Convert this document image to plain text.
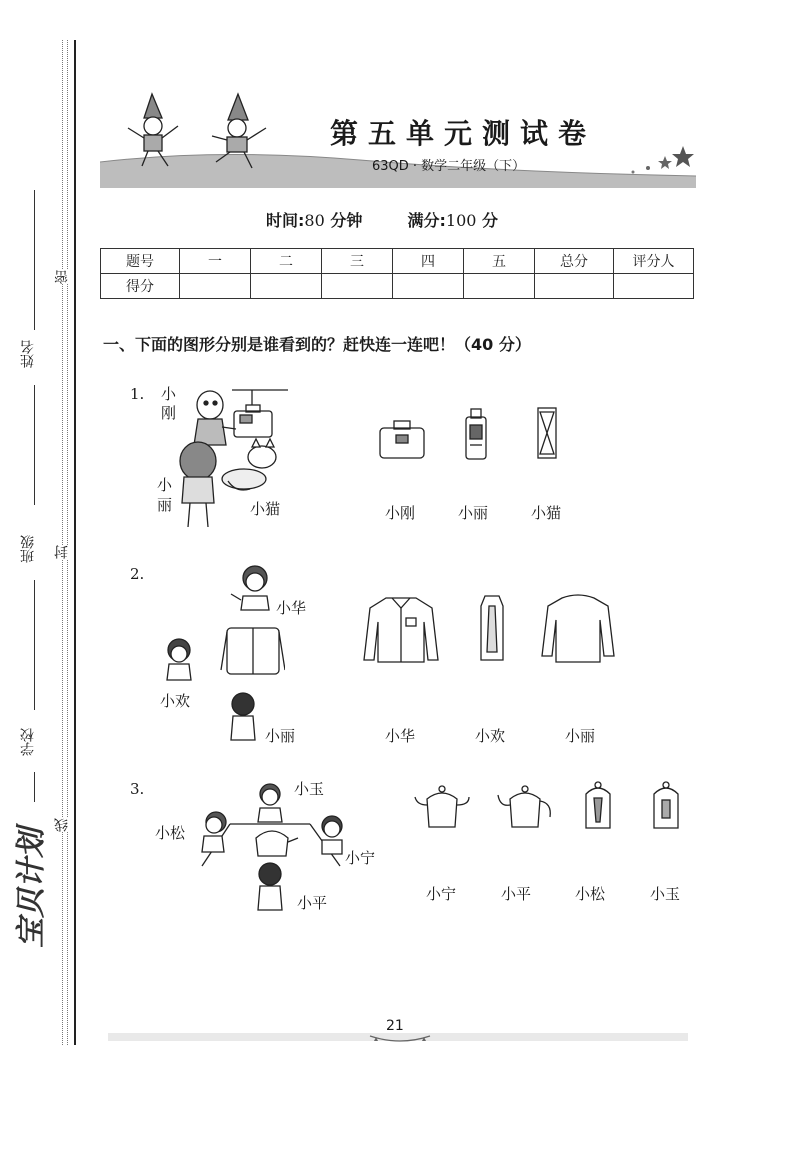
姓名
班级
学校
密
封
线
宝贝计划
第五单元测试卷
63QD · 数学二年级（下）
时间:80 分钟	满分:100 分
题号	一	二	三	四	五	总分	评分人
得分							
一、下面的图形分别是谁看到的？赶快连一连吧！（40 分）
1. 小刚
小丽	小猫	小刚	小丽	小猫
2.
小华
小欢
小丽	小华	小欢	小丽
3.	小玉
小松
小宁
小平	小宁	小平	小松	小玉
21
